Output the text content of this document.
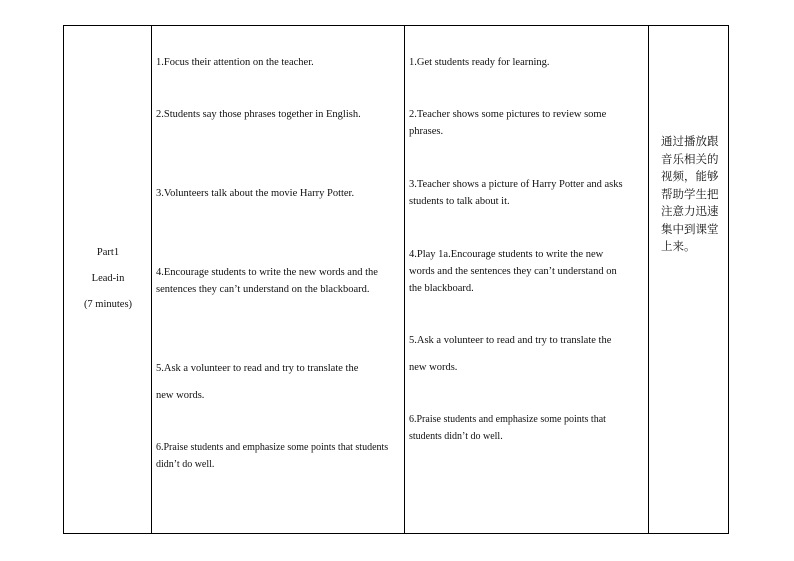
Part1
Lead-in
(7 minutes)
1.Focus their attention on the teacher.
2.Students say those phrases together in English.
3.Volunteers talk about the movie Harry Potter.
4.Encourage students to write the new words and the
sentences they can’t understand on the blackboard.
5.Ask a volunteer to read and try to translate the
new words.
6.Praise students and emphasize some points that students
didn’t do well.
1.Get students ready for learning.
2.Teacher shows some pictures to review some
phrases.
3.Teacher shows a picture of Harry Potter and asks
students to talk about it.
4.Play 1a.Encourage students to write the new
words and the sentences they can’t understand on
the blackboard.
5.Ask a volunteer to read and try to translate the
new words.
6.Praise students and emphasize some points that
students didn’t do well.
通过播放跟音乐相关的视频，能够帮助学生把注意力迅速集中到课堂上来。
